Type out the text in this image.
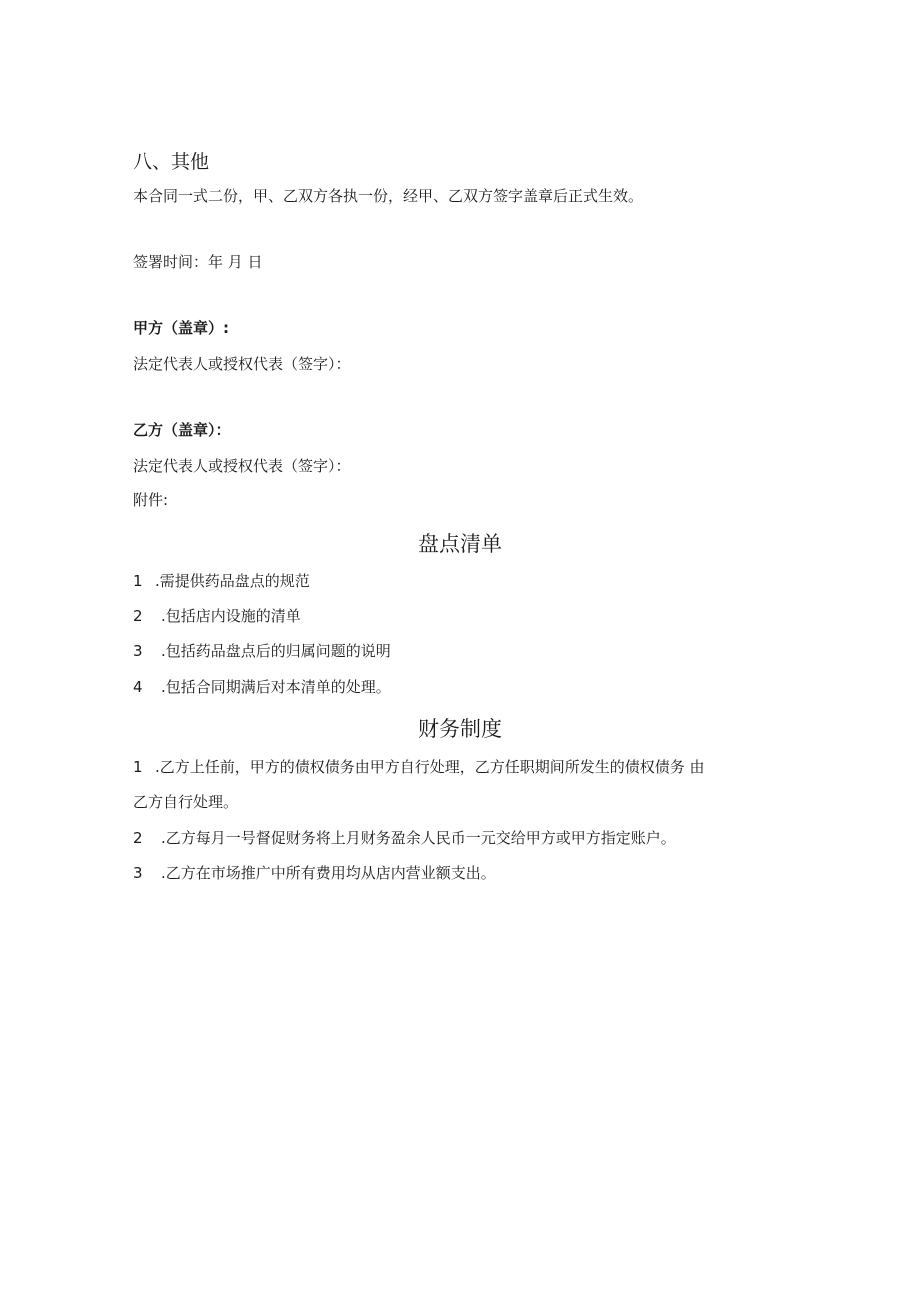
八、其他
本合同一式二份，甲、乙双方各执一份，经甲、乙双方签字盖章后正式生效。
签署时间：年 月 日
甲方（盖章）:
法定代表人或授权代表（签字）：
乙方（盖章）：
法定代表人或授权代表（签字）：
附件:
盘点清单
1 .需提供药品盘点的规范
2 .包括店内设施的清单
3 .包括药品盘点后的归属问题的说明
4 .包括合同期满后对本清单的处理。
财务制度
1 .乙方上任前，甲方的债权债务由甲方自行处理，乙方任职期间所发生的债权债务 由
乙方自行处理。
2 .乙方每月一号督促财务将上月财务盈余人民币一元交给甲方或甲方指定账户。
3 .乙方在市场推广中所有费用均从店内营业额支出。
